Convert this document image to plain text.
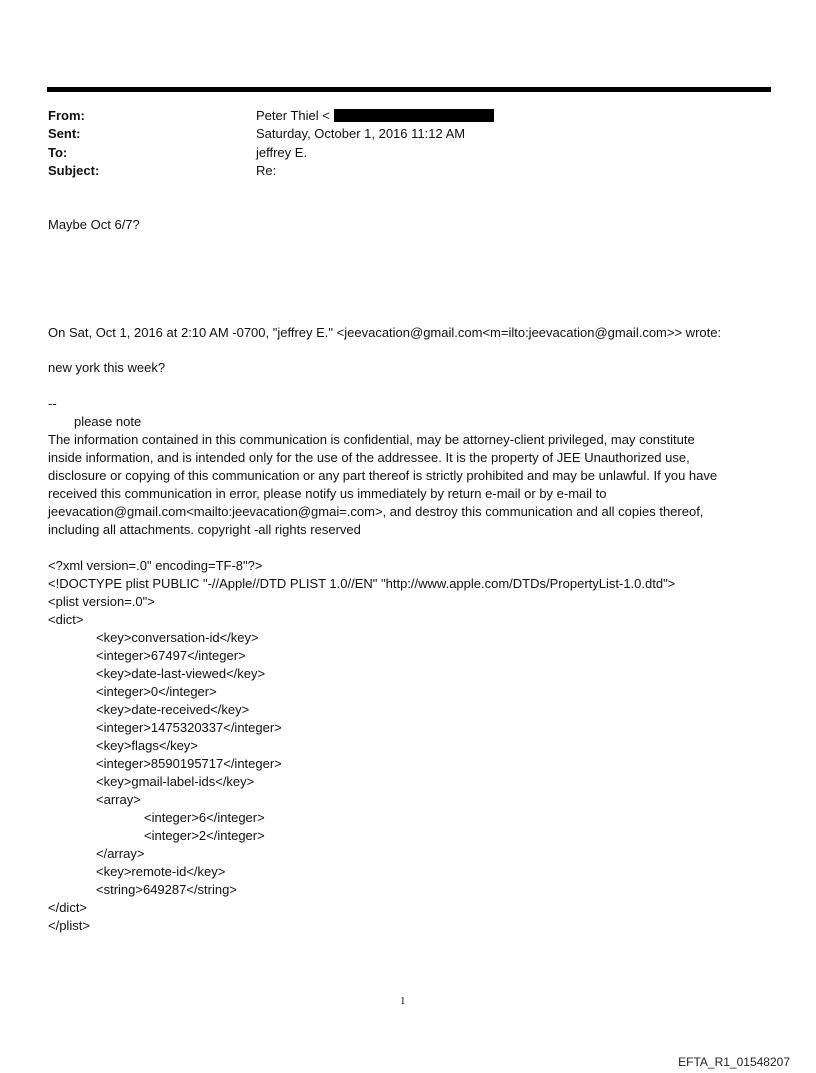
From:	Peter Thiel <
Sent:	Saturday, October 1, 2016 11:12 AM
To:	jeffrey E.
Subject:	Re:
Maybe Oct 6/7?
On Sat, Oct 1, 2016 at 2:10 AM -0700, "jeffrey E." <jeevacation@gmail.com<m=ilto:jeevacation@gmail.com>> wrote:
new york this week?
--
please note
The information contained in this communication is confidential, may be attorney-client privileged, may constitute
inside information, and is intended only for the use of the addressee. It is the property of JEE Unauthorized use,
disclosure or copying of this communication or any part thereof is strictly prohibited and may be unlawful. If you have
received this communication in error, please notify us immediately by return e-mail or by e-mail to
jeevacation@gmail.com<mailto:jeevacation@gmai=.com>, and destroy this communication and all copies thereof,
including all attachments. copyright -all rights reserved
<?xml version=.0" encoding=TF-8"?>
<!DOCTYPE plist PUBLIC "-//Apple//DTD PLIST 1.0//EN" "http://www.apple.com/DTDs/PropertyList-1.0.dtd">
<plist version=.0">
<dict>
<key>conversation-id</key>
<integer>67497</integer>
<key>date-last-viewed</key>
<integer>0</integer>
<key>date-received</key>
<integer>1475320337</integer>
<key>flags</key>
<integer>8590195717</integer>
<key>gmail-label-ids</key>
<array>
<integer>6</integer>
<integer>2</integer>
</array>
<key>remote-id</key>
<string>649287</string>
</dict>
</plist>
1
EFTA_R1_01548207
